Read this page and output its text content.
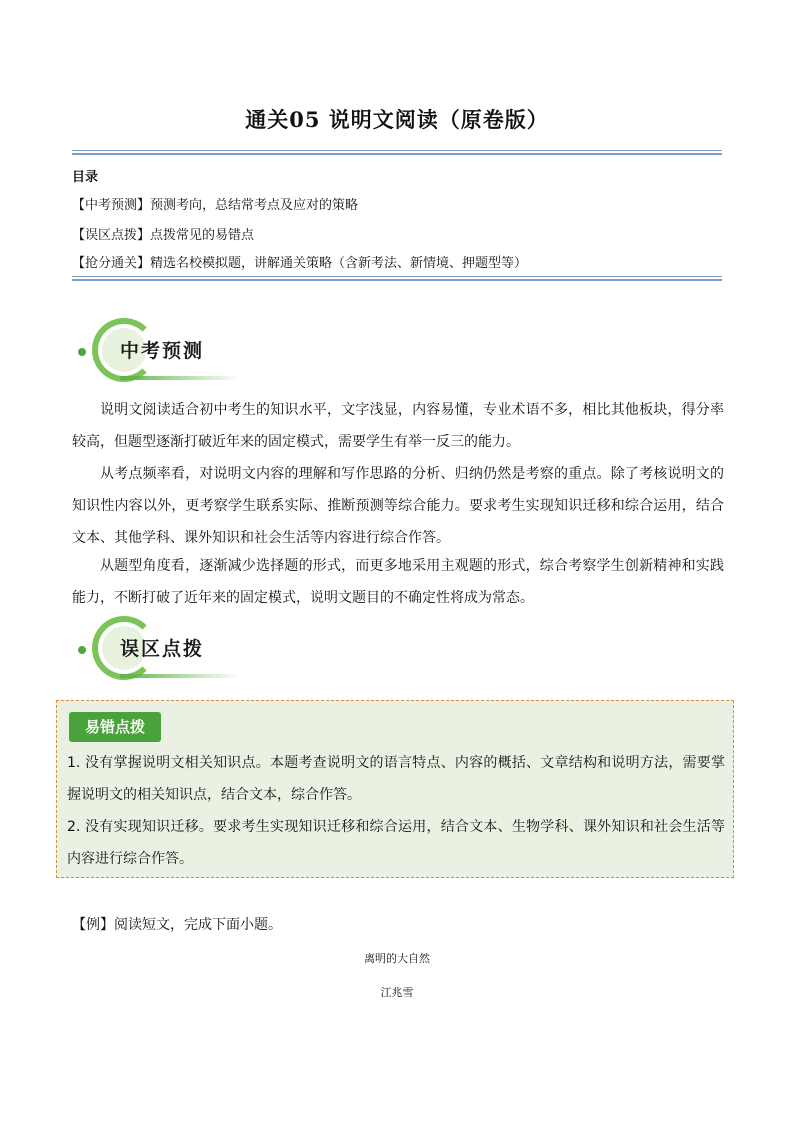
通关05 说明文阅读（原卷版）
目录
【中考预测】预测考向，总结常考点及应对的策略
【误区点拨】点拨常见的易错点
【抢分通关】精选名校模拟题，讲解通关策略（含新考法、新情境、押题型等）
中考预测
说明文阅读适合初中考生的知识水平，文字浅显，内容易懂，专业术语不多，相比其他板块，得分率较高，但题型逐渐打破近年来的固定模式，需要学生有举一反三的能力。
从考点频率看，对说明文内容的理解和写作思路的分析、归纳仍然是考察的重点。除了考核说明文的知识性内容以外，更考察学生联系实际、推断预测等综合能力。要求考生实现知识迁移和综合运用，结合文本、其他学科、课外知识和社会生活等内容进行综合作答。
从题型角度看，逐渐减少选择题的形式，而更多地采用主观题的形式，综合考察学生创新精神和实践能力，不断打破了近年来的固定模式，说明文题目的不确定性将成为常态。
误区点拨
易错点拨
1. 没有掌握说明文相关知识点。本题考查说明文的语言特点、内容的概括、文章结构和说明方法，需要掌握说明文的相关知识点，结合文本，综合作答。
2. 没有实现知识迁移。要求考生实现知识迁移和综合运用，结合文本、生物学科、课外知识和社会生活等内容进行综合作答。
【例】阅读短文，完成下面小题。
离明的大自然
江兆雪
